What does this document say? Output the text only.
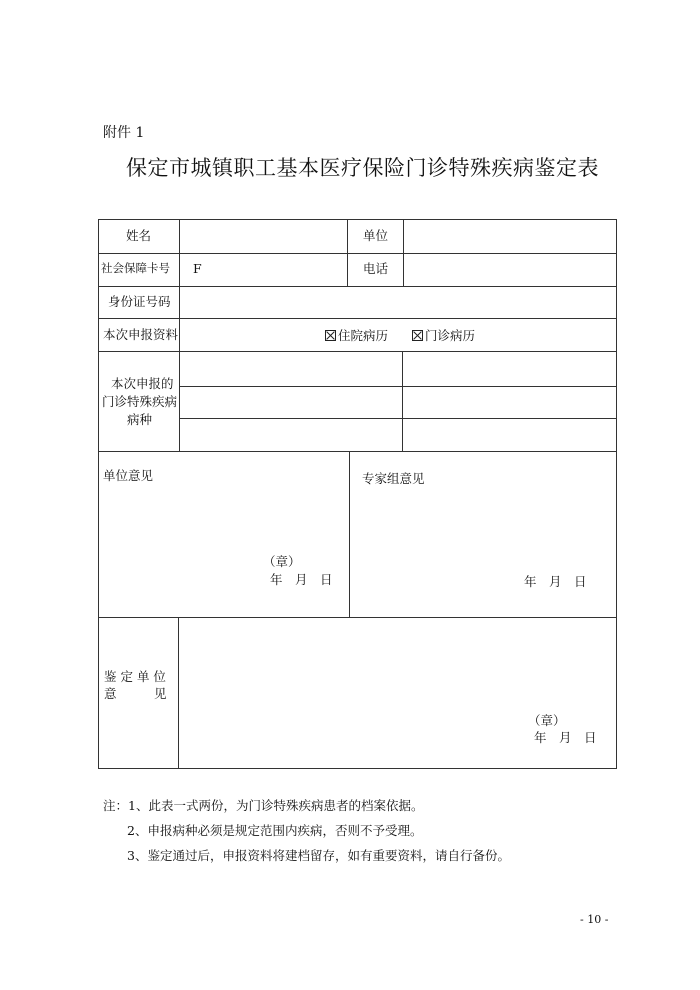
附件 1
保定市城镇职工基本医疗保险门诊特殊疾病鉴定表
姓名	单位
社会保障卡号 F	电话
身份证号码
本次申报资料	住院病历	门诊病历
本次申报的
门诊特殊疾病
病种
单位意见
（章）
年　月　日
专家组意见
年　月　日
鉴 定 单 位
意　　　见
（章）
年　月　日
注：1、此表一式两份，为门诊特殊疾病患者的档案依据。
2、申报病种必须是规定范围内疾病，否则不予受理。
3、鉴定通过后，申报资料将建档留存，如有重要资料，请自行备份。
- 10 -
